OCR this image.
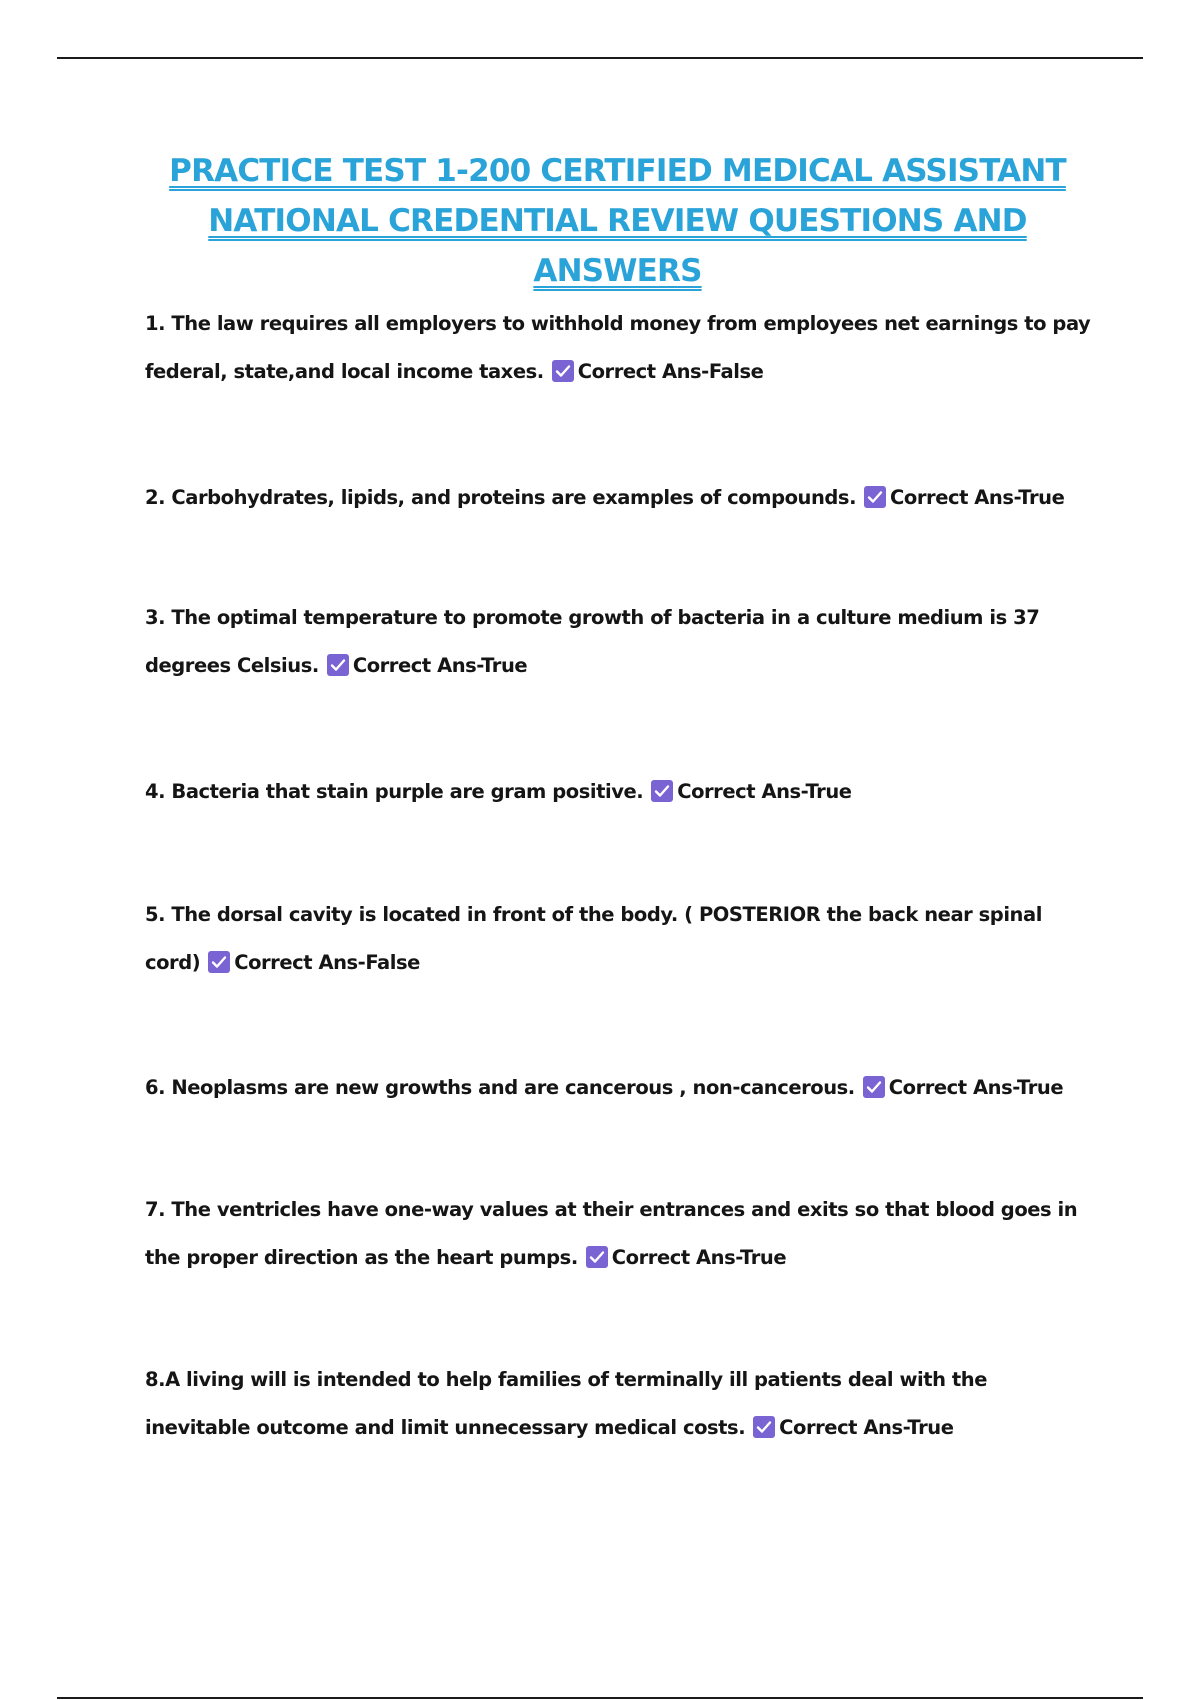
PRACTICE TEST 1-200 CERTIFIED MEDICAL ASSISTANT
NATIONAL CREDENTIAL REVIEW QUESTIONS AND
ANSWERS
1. The law requires all employers to withhold money from employees net earnings to pay federal, state,and local income taxes. Correct Ans-False
2. Carbohydrates, lipids, and proteins are examples of compounds. Correct Ans-True
3. The optimal temperature to promote growth of bacteria in a culture medium is 37 degrees Celsius. Correct Ans-True
4. Bacteria that stain purple are gram positive. Correct Ans-True
5. The dorsal cavity is located in front of the body. ( POSTERIOR the back near spinal cord) Correct Ans-False
6. Neoplasms are new growths and are cancerous , non-cancerous. Correct Ans-True
7. The ventricles have one-way values at their entrances and exits so that blood goes in the proper direction as the heart pumps. Correct Ans-True
8.A living will is intended to help families of terminally ill patients deal with the inevitable outcome and limit unnecessary medical costs. Correct Ans-True
